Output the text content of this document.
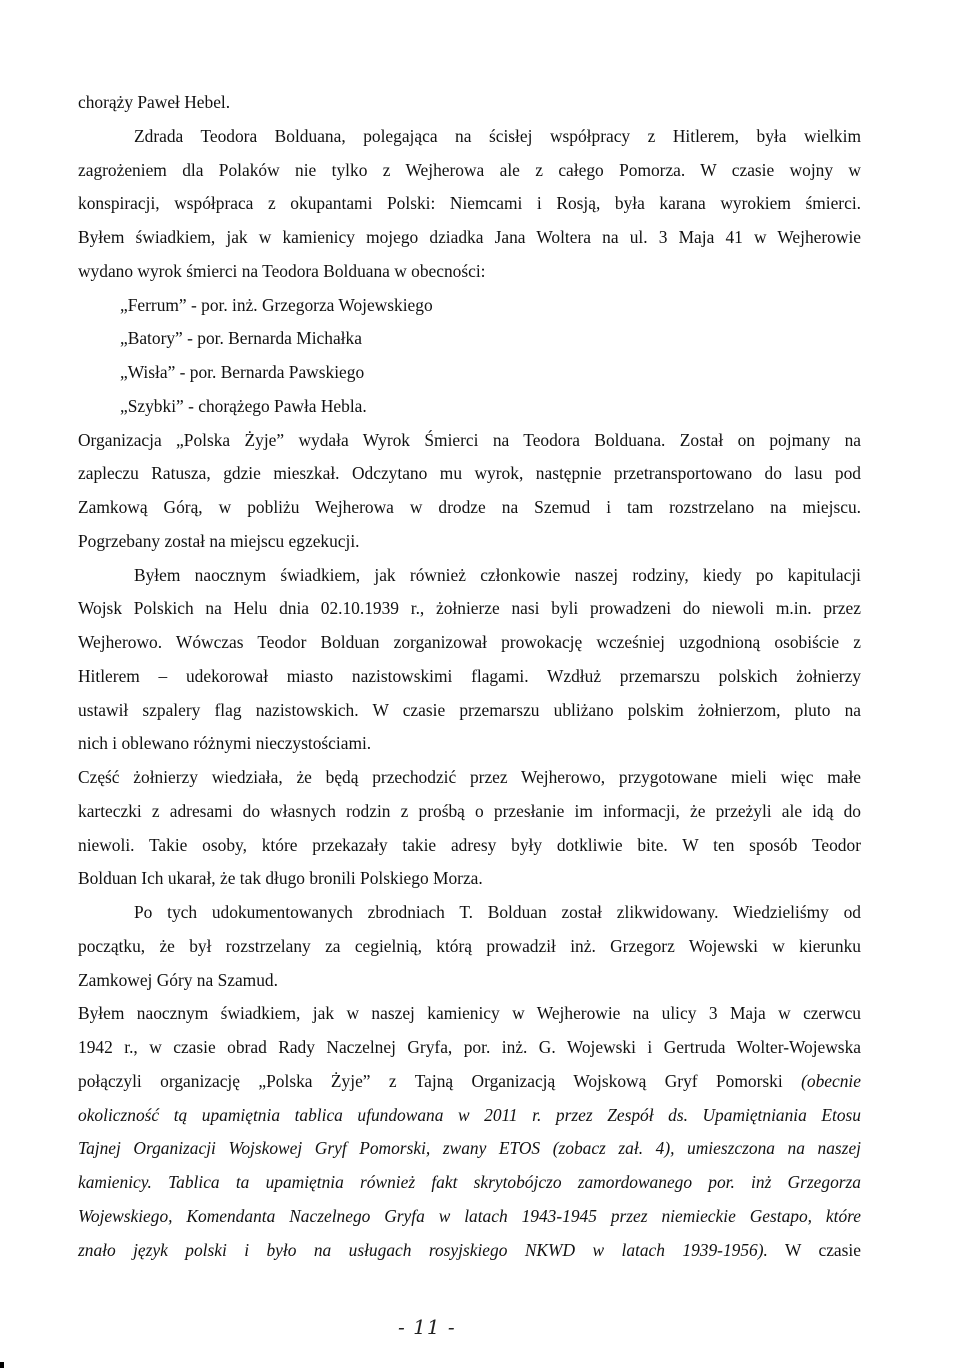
chorąży Paweł Hebel.
Zdrada Teodora Bolduana, polegająca na ścisłej współpracy z Hitlerem, była wielkim
zagrożeniem dla Polaków nie tylko z Wejherowa ale z całego Pomorza. W czasie wojny w
konspiracji, współpraca z okupantami Polski: Niemcami i Rosją, była karana wyrokiem śmierci.
Byłem świadkiem, jak w kamienicy mojego dziadka Jana Woltera na ul. 3 Maja 41 w Wejherowie
wydano wyrok śmierci na Teodora Bolduana w obecności:
„Ferrum” - por. inż. Grzegorza Wojewskiego
„Batory” - por. Bernarda Michałka
„Wisła” - por. Bernarda Pawskiego
„Szybki” - chorążego Pawła Hebla.
Organizacja „Polska Żyje” wydała Wyrok Śmierci na Teodora Bolduana. Został on pojmany na
zapleczu Ratusza, gdzie mieszkał. Odczytano mu wyrok, następnie przetransportowano do lasu pod
Zamkową Górą, w pobliżu Wejherowa w drodze na Szemud i tam rozstrzelano na miejscu.
Pogrzebany został na miejscu egzekucji.
Byłem naocznym świadkiem, jak również członkowie naszej rodziny, kiedy po kapitulacji
Wojsk Polskich na Helu dnia 02.10.1939 r., żołnierze nasi byli prowadzeni do niewoli m.in. przez
Wejherowo. Wówczas Teodor Bolduan zorganizował prowokację wcześniej uzgodnioną osobiście z
Hitlerem – udekorował miasto nazistowskimi flagami. Wzdłuż przemarszu polskich żołnierzy
ustawił szpalery flag nazistowskich. W czasie przemarszu ubliżano polskim żołnierzom, pluto na
nich i oblewano różnymi nieczystościami.
Część żołnierzy wiedziała, że będą przechodzić przez Wejherowo, przygotowane mieli więc małe
karteczki z adresami do własnych rodzin z prośbą o przesłanie im informacji, że przeżyli ale idą do
niewoli. Takie osoby, które przekazały takie adresy były dotkliwie bite. W ten sposób Teodor
Bolduan Ich ukarał, że tak długo bronili Polskiego Morza.
Po tych udokumentowanych zbrodniach T. Bolduan został zlikwidowany. Wiedzieliśmy od
początku, że był rozstrzelany za cegielnią, którą prowadził inż. Grzegorz Wojewski w kierunku
Zamkowej Góry na Szamud.
Byłem naocznym świadkiem, jak w naszej kamienicy w Wejherowie na ulicy 3 Maja w czerwcu
1942 r., w czasie obrad Rady Naczelnej Gryfa, por. inż. G. Wojewski i Gertruda Wolter-Wojewska
połączyli organizację „Polska Żyje” z Tajną Organizacją Wojskową Gryf Pomorski (obecnie
okoliczność tą upamiętnia tablica ufundowana w 2011 r. przez Zespół ds. Upamiętniania Etosu
Tajnej Organizacji Wojskowej Gryf Pomorski, zwany ETOS (zobacz zał. 4), umieszczona na naszej
kamienicy. Tablica ta upamiętnia również fakt skrytobójczo zamordowanego por. inż Grzegorza
Wojewskiego, Komendanta Naczelnego Gryfa w latach 1943-1945 przez niemieckie Gestapo, które
znało język polski i było na usługach rosyjskiego NKWD w latach 1939-1956). W czasie
- 11 -
